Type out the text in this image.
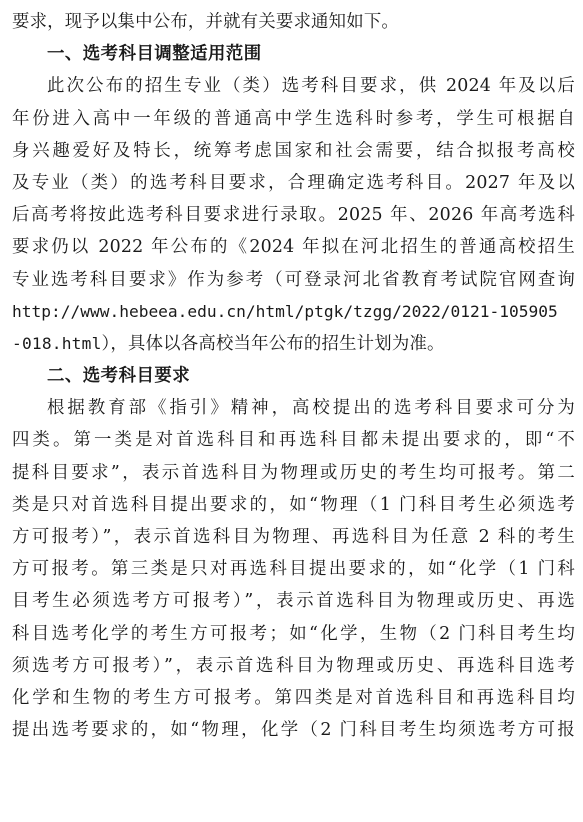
要求，现予以集中公布，并就有关要求通知如下。
一、选考科目调整适用范围
此次公布的招生专业（类）选考科目要求，供 2024 年及以后
年份进入高中一年级的普通高中学生选科时参考，学生可根据自
身兴趣爱好及特长，统筹考虑国家和社会需要，结合拟报考高校
及专业（类）的选考科目要求，合理确定选考科目。2027 年及以
后高考将按此选考科目要求进行录取。2025 年、2026 年高考选科
要求仍以 2022 年公布的《2024 年拟在河北招生的普通高校招生
专业选考科目要求》作为参考（可登录河北省教育考试院官网查询
http://www.hebeea.edu.cn/html/ptgk/tzgg/2022/0121-105905
-018.html），具体以各高校当年公布的招生计划为准。
二、选考科目要求
根据教育部《指引》精神，高校提出的选考科目要求可分为
四类。第一类是对首选科目和再选科目都未提出要求的，即“不
提科目要求”，表示首选科目为物理或历史的考生均可报考。第二
类是只对首选科目提出要求的，如“物理（1 门科目考生必须选考
方可报考）”，表示首选科目为物理、再选科目为任意 2 科的考生
方可报考。第三类是只对再选科目提出要求的，如“化学（1 门科
目考生必须选考方可报考）”，表示首选科目为物理或历史、再选
科目选考化学的考生方可报考；如“化学，生物（2 门科目考生均
须选考方可报考）”，表示首选科目为物理或历史、再选科目选考
化学和生物的考生方可报考。第四类是对首选科目和再选科目均
提出选考要求的，如“物理，化学（2 门科目考生均须选考方可报
